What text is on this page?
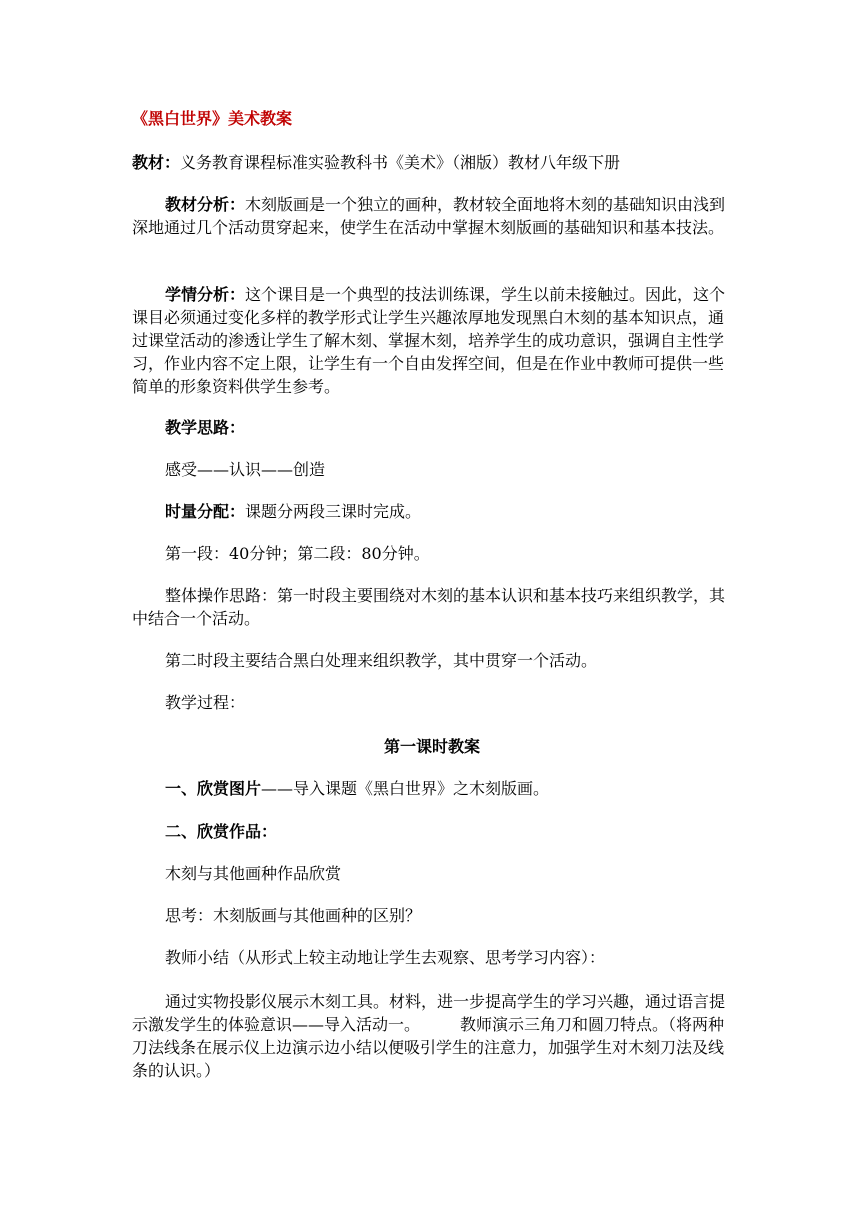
《黑白世界》美术教案

教材：义务教育课程标准实验教科书《美术》（湘版）教材八年级下册

教材分析：木刻版画是一个独立的画种，教材较全面地将木刻的基础知识由浅到深地通过几个活动贯穿起来，使学生在活动中掌握木刻版画的基础知识和基本技法。

学情分析：这个课目是一个典型的技法训练课，学生以前未接触过。因此，这个课目必须通过变化多样的教学形式让学生兴趣浓厚地发现黑白木刻的基本知识点，通过课堂活动的渗透让学生了解木刻、掌握木刻，培养学生的成功意识，强调自主性学习，作业内容不定上限，让学生有一个自由发挥空间，但是在作业中教师可提供一些简单的形象资料供学生参考。

教学思路：

感受——认识——创造

时量分配：课题分两段三课时完成。

第一段：40分钟；第二段：80分钟。

整体操作思路：第一时段主要围绕对木刻的基本认识和基本技巧来组织教学，其中结合一个活动。

第二时段主要结合黑白处理来组织教学，其中贯穿一个活动。

教学过程：

第一课时教案

一、欣赏图片——导入课题《黑白世界》之木刻版画。

二、欣赏作品：

木刻与其他画种作品欣赏

思考：木刻版画与其他画种的区别？

教师小结（从形式上较主动地让学生去观察、思考学习内容）：

通过实物投影仪展示木刻工具。材料，进一步提高学生的学习兴趣，通过语言提示激发学生的体验意识——导入活动一。	教师演示三角刀和圆刀特点。（将两种刀法线条在展示仪上边演示边小结以便吸引学生的注意力，加强学生对木刻刀法及线条的认识。）
